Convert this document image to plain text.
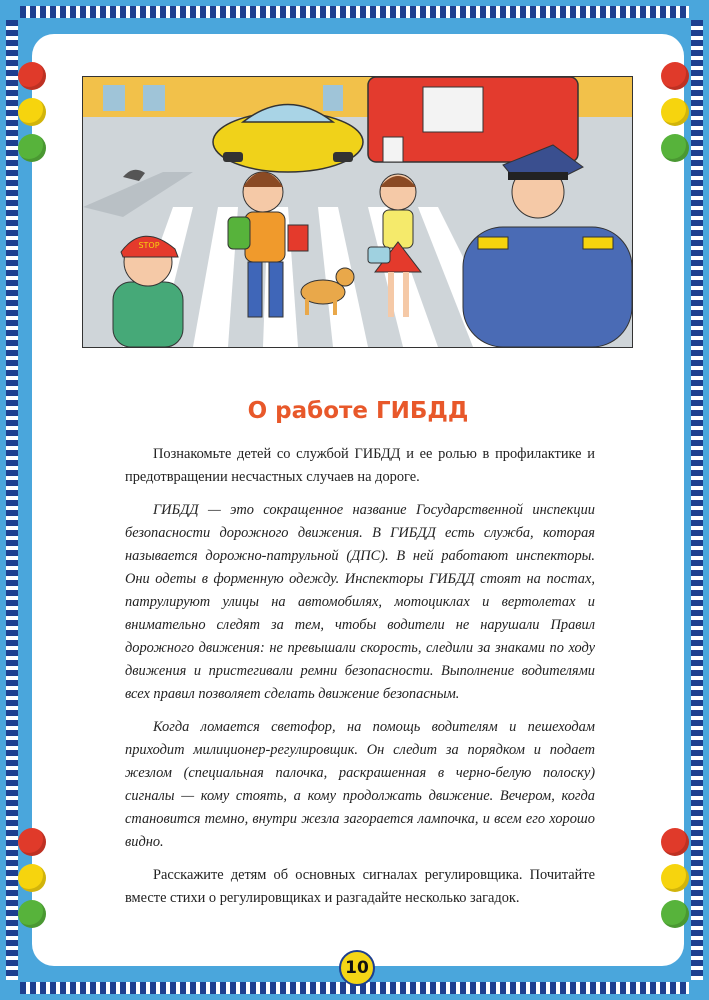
STOP
О работе ГИБДД

Познакомьте детей со службой ГИБДД и ее ролью в профилактике и предотвращении несчастных случаев на дороге.

ГИБДД — это сокращенное название Государственной инспекции безопасности дорожного движения. В ГИБДД есть служба, которая называется дорожно-патрульной (ДПС). В ней работают инспекторы. Они одеты в форменную одежду. Инспекторы ГИБДД стоят на постах, патрулируют улицы на автомобилях, мотоциклах и вертолетах и внимательно следят за тем, чтобы водители не нарушали Правил дорожного движения: не превышали скорость, следили за знаками по ходу движения и пристегивали ремни безопасности. Выполнение водителями всех правил позволяет сделать движение безопасным.

Когда ломается светофор, на помощь водителям и пешеходам приходит милиционер-регулировщик. Он следит за порядком и подает жезлом (специальная палочка, раскрашенная в черно-белую полоску) сигналы — кому стоять, а кому продолжать движение. Вечером, когда становится темно, внутри жезла загорается лампочка, и всем его хорошо видно.

Расскажите детям об основных сигналах регулировщика. Почитайте вместе стихи о регулировщиках и разгадайте несколько загадок.

10
